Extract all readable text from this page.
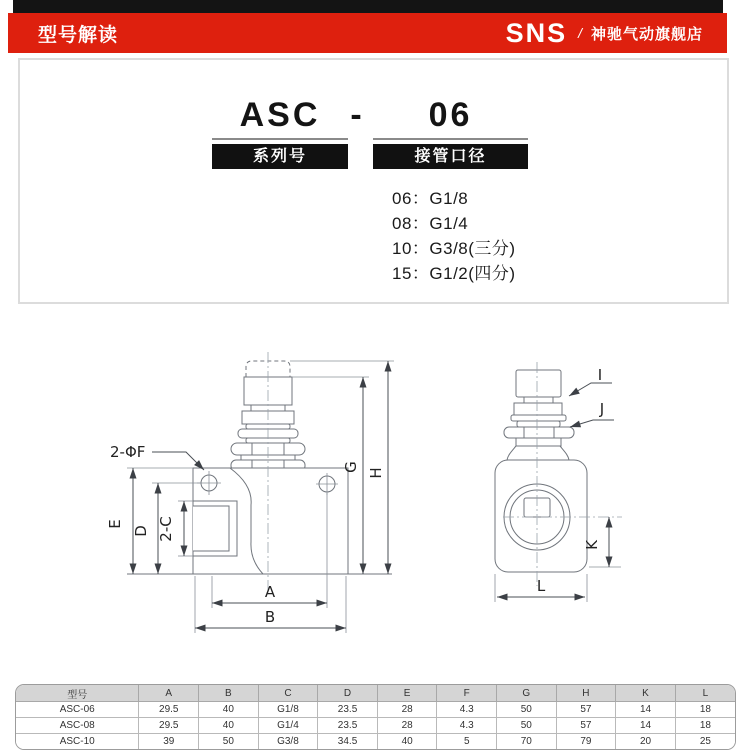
型号解读	SNS / 神驰气动旗舰店
ASC -	06
系列号	接管口径
06：G1/8
08：G1/4
10：G3/8(三分)
15：G1/2(四分)
E
D 2-C
A
B
G
H
2-ΦF
I
J
K
L
型号	A	B	C	D	E	F	G	H	K	L
ASC-06	29.5	40	G1/8	23.5	28	4.3	50	57	14	18
ASC-08	29.5	40	G1/4	23.5	28	4.3	50	57	14	18
ASC-10	39	50	G3/8	34.5	40	5	70	79	20	25
